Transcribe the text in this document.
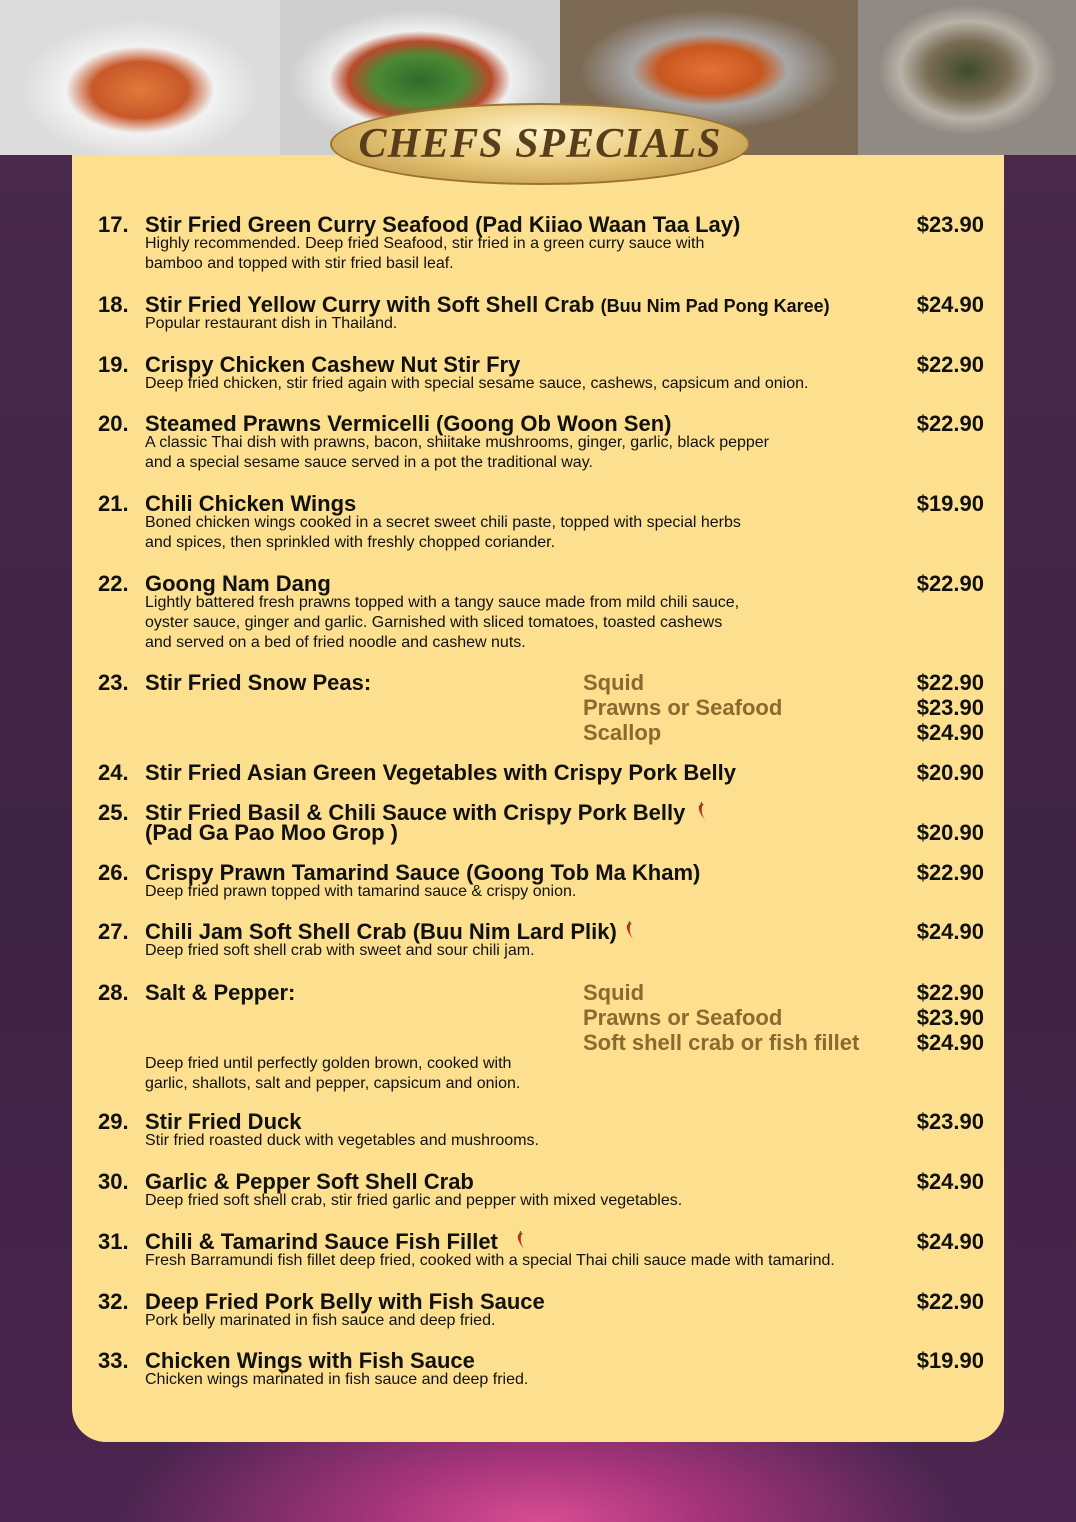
CHEFS SPECIALS
17. Stir Fried Green Curry Seafood (Pad Kiiao Waan Taa Lay)	$23.90
Highly recommended. Deep fried Seafood, stir fried in a green curry sauce with
bamboo and topped with stir fried basil leaf.
18. Stir Fried Yellow Curry with Soft Shell Crab (Buu Nim Pad Pong Karee)	$24.90
Popular restaurant dish in Thailand.
19. Crispy Chicken Cashew Nut Stir Fry	$22.90
Deep fried chicken, stir fried again with special sesame sauce, cashews, capsicum and onion.
20. Steamed Prawns Vermicelli (Goong Ob Woon Sen)	$22.90
A classic Thai dish with prawns, bacon, shiitake mushrooms, ginger, garlic, black pepper
and a special sesame sauce served in a pot the traditional way.
21. Chili Chicken Wings	$19.90
Boned chicken wings cooked in a secret sweet chili paste, topped with special herbs
and spices, then sprinkled with freshly chopped coriander.
22. Goong Nam Dang	$22.90
Lightly battered fresh prawns topped with a tangy sauce made from mild chili sauce,
oyster sauce, ginger and garlic. Garnished with sliced tomatoes, toasted cashews
and served on a bed of fried noodle and cashew nuts.
23. Stir Fried Snow Peas:	Squid	$22.90
Prawns or Seafood	$23.90
Scallop	$24.90
24. Stir Fried Asian Green Vegetables with Crispy Pork Belly	$20.90
25. Stir Fried Basil & Chili Sauce with Crispy Pork Belly
(Pad Ga Pao Moo Grop )	$20.90
26. Crispy Prawn Tamarind Sauce (Goong Tob Ma Kham)	$22.90
Deep fried prawn topped with tamarind sauce & crispy onion.
27. Chili Jam Soft Shell Crab (Buu Nim Lard Plik)	$24.90
Deep fried soft shell crab with sweet and sour chili jam.
28. Salt & Pepper:	Squid	$22.90
Prawns or Seafood	$23.90
Soft shell crab or fish fillet	$24.90
Deep fried until perfectly golden brown, cooked with
garlic, shallots, salt and pepper, capsicum and onion.
29. Stir Fried Duck	$23.90
Stir fried roasted duck with vegetables and mushrooms.
30. Garlic & Pepper Soft Shell Crab	$24.90
Deep fried soft shell crab, stir fried garlic and pepper with mixed vegetables.
31. Chili & Tamarind Sauce Fish Fillet	$24.90
Fresh Barramundi fish fillet deep fried, cooked with a special Thai chili sauce made with tamarind.
32. Deep Fried Pork Belly with Fish Sauce	$22.90
Pork belly marinated in fish sauce and deep fried.
33. Chicken Wings with Fish Sauce	$19.90
Chicken wings marinated in fish sauce and deep fried.
